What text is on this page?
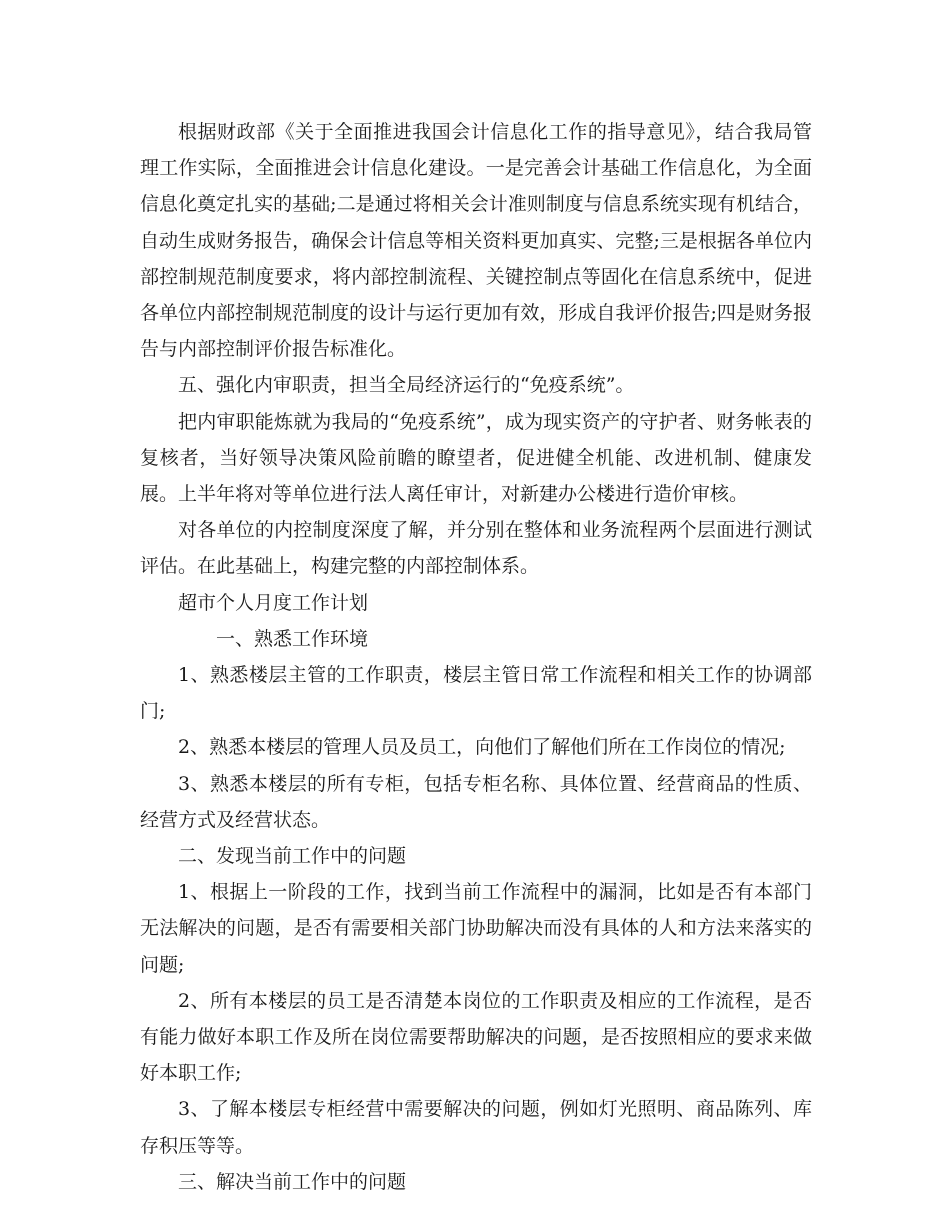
根据财政部《关于全面推进我国会计信息化工作的指导意见》，结合我局管理工作实际，全面推进会计信息化建设。一是完善会计基础工作信息化，为全面信息化奠定扎实的基础;二是通过将相关会计准则制度与信息系统实现有机结合，自动生成财务报告，确保会计信息等相关资料更加真实、完整;三是根据各单位内部控制规范制度要求，将内部控制流程、关键控制点等固化在信息系统中，促进各单位内部控制规范制度的设计与运行更加有效，形成自我评价报告;四是财务报告与内部控制评价报告标准化。

五、强化内审职责，担当全局经济运行的“免疫系统”。

把内审职能炼就为我局的“免疫系统”，成为现实资产的守护者、财务帐表的复核者，当好领导决策风险前瞻的瞭望者，促进健全机能、改进机制、健康发展。上半年将对等单位进行法人离任审计，对新建办公楼进行造价审核。

对各单位的内控制度深度了解，并分别在整体和业务流程两个层面进行测试评估。在此基础上，构建完整的内部控制体系。

超市个人月度工作计划

一、熟悉工作环境

1、熟悉楼层主管的工作职责，楼层主管日常工作流程和相关工作的协调部门;

2、熟悉本楼层的管理人员及员工，向他们了解他们所在工作岗位的情况;

3、熟悉本楼层的所有专柜，包括专柜名称、具体位置、经营商品的性质、经营方式及经营状态。

二、发现当前工作中的问题

1、根据上一阶段的工作，找到当前工作流程中的漏洞，比如是否有本部门无法解决的问题，是否有需要相关部门协助解决而没有具体的人和方法来落实的问题;

2、所有本楼层的员工是否清楚本岗位的工作职责及相应的工作流程，是否有能力做好本职工作及所在岗位需要帮助解决的问题，是否按照相应的要求来做好本职工作;

3、了解本楼层专柜经营中需要解决的问题，例如灯光照明、商品陈列、库存积压等等。

三、解决当前工作中的问题
